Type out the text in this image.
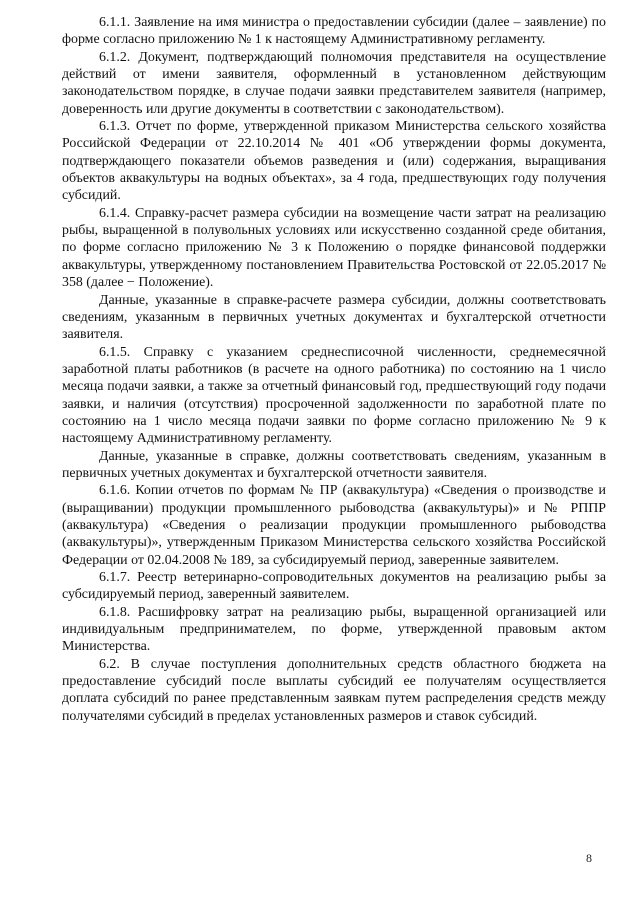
6.1.1. Заявление на имя министра о предоставлении субсидии (далее – заявление) по форме согласно приложению № 1 к настоящему Административному регламенту.

6.1.2. Документ, подтверждающий полномочия представителя на осуществление действий от имени заявителя, оформленный в установленном действующим законодательством порядке, в случае подачи заявки представителем заявителя (например, доверенность или другие документы в соответствии с законодательством).

6.1.3. Отчет по форме, утвержденной приказом Министерства сельского хозяйства Российской Федерации от 22.10.2014 № 401 «Об утверждении формы документа, подтверждающего показатели объемов разведения и (или) содержания, выращивания объектов аквакультуры на водных объектах», за 4 года, предшествующих году получения субсидий.

6.1.4. Справку-расчет размера субсидии на возмещение части затрат на реализацию рыбы, выращенной в полувольных условиях или искусственно созданной среде обитания, по форме согласно приложению № 3 к Положению о порядке финансовой поддержки аквакультуры, утвержденному постановлением Правительства Ростовской от 22.05.2017 № 358 (далее − Положение).

Данные, указанные в справке-расчете размера субсидии, должны соответствовать сведениям, указанным в первичных учетных документах и бухгалтерской отчетности заявителя.

6.1.5. Справку с указанием среднесписочной численности, среднемесячной заработной платы работников (в расчете на одного работника) по состоянию на 1 число месяца подачи заявки, а также за отчетный финансовый год, предшествующий году подачи заявки, и наличия (отсутствия) просроченной задолженности по заработной плате по состоянию на 1 число месяца подачи заявки по форме согласно приложению № 9 к настоящему Административному регламенту.

Данные, указанные в справке, должны соответствовать сведениям, указанным в первичных учетных документах и бухгалтерской отчетности заявителя.

6.1.6. Копии отчетов по формам № ПР (аквакультура) «Сведения о производстве и (выращивании) продукции промышленного рыбоводства (аквакультуры)» и № РППР (аквакультура) «Сведения о реализации продукции промышленного рыбоводства (аквакультуры)», утвержденным Приказом Министерства сельского хозяйства Российской Федерации от 02.04.2008 № 189, за субсидируемый период, заверенные заявителем.

6.1.7. Реестр ветеринарно-сопроводительных документов на реализацию рыбы за субсидируемый период, заверенный заявителем.

6.1.8. Расшифровку затрат на реализацию рыбы, выращенной организацией или индивидуальным предпринимателем, по форме, утвержденной правовым актом Министерства.

6.2. В случае поступления дополнительных средств областного бюджета на предоставление субсидий после выплаты субсидий ее получателям осуществляется доплата субсидий по ранее представленным заявкам путем распределения средств между получателями субсидий в пределах установленных размеров и ставок субсидий.

8
